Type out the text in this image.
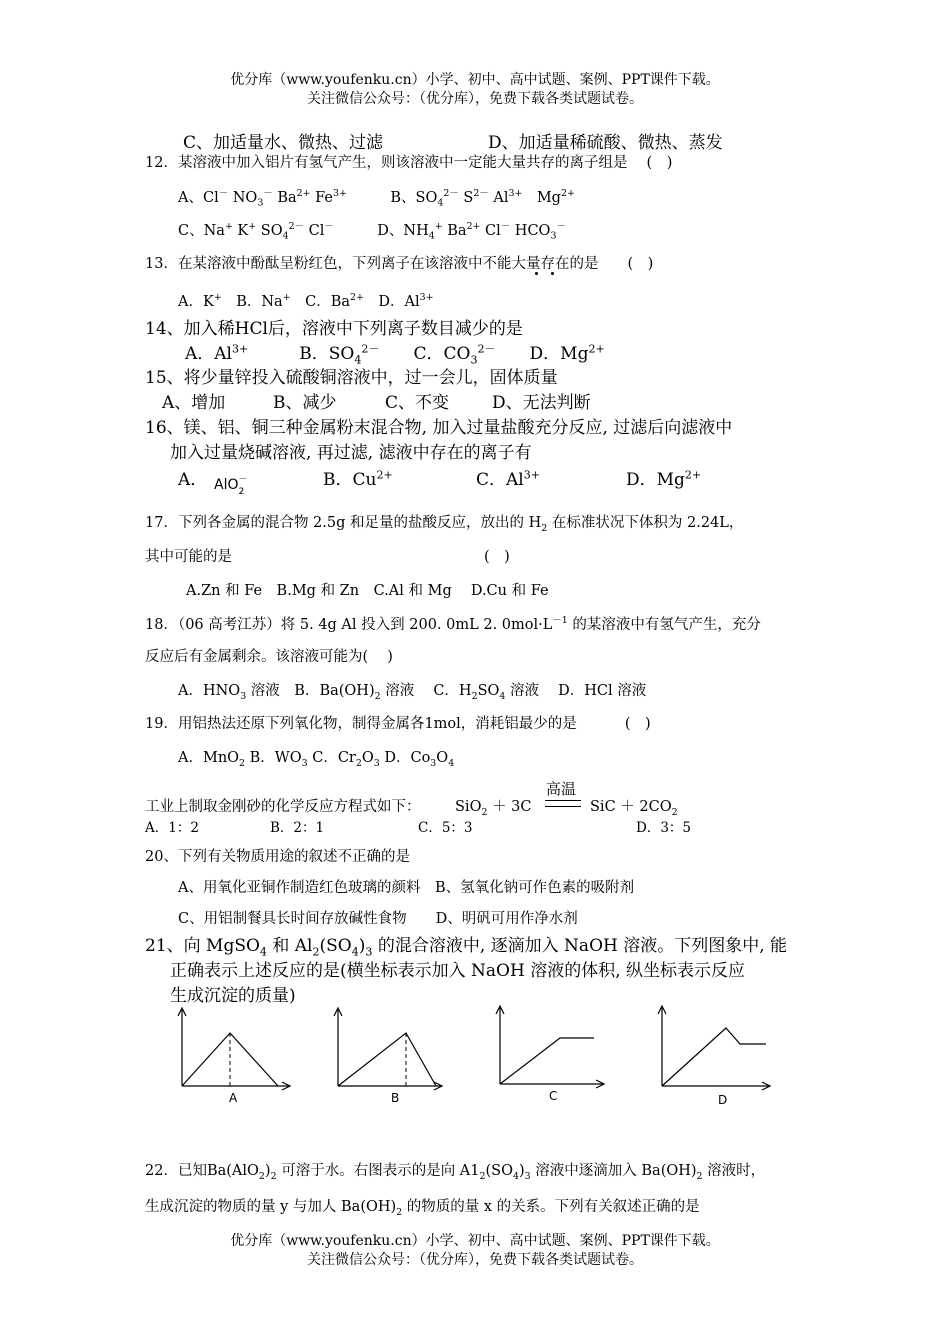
优分库（www.youfenku.cn）小学、初中、高中试题、案例、PPT课件下载。
关注微信公众号：（优分库），免费下载各类试题试卷。
C、加适量水、微热、过滤	D、加适量稀硫酸、微热、蒸发
12．某溶液中加入铝片有氢气产生，则该溶液中一定能大量共存的离子组是　 (　)
A、Cl－ $NO_3^-$ $Ba^{2+}$ $Fe^{3+}$　　　B、$SO_4^{2-}$ $S^{2-}$ $Al^{3+}$　$Mg^{2+}$
C、Na+ K+ $SO_4^{2-}$ Cl－　　　D、$NH_4^+$ $Ba^{2+}$ Cl－ $HCO_3^-$
13．在某溶液中酚酞呈粉红色，下列离子在该溶液中不能大量存在的是　　(　)
A．K+　B．Na+　C．$Ba^{2+}$　D．$Al^{3+}$
14、加入稀HCl后，溶液中下列离子数目减少的是
A．$Al^{3+}$　　　B．$SO_4^{2-}$　　C．$CO_3^{2-}$　　D．$Mg^{2+}$
15、将少量锌投入硫酸铜溶液中，过一会儿，固体质量
A、增加	B、减少	C、不变	D、无法判断
16、镁、铝、铜三种金属粉末混合物, 加入过量盐酸充分反应, 过滤后向滤液中
加入过量烧碱溶液, 再过滤, 滤液中存在的离子有
A． AlO－$_2$
B．$Cu^{2+}$	C．$Al^{3+}$	D．$Mg^{2+}$
17．下列各金属的混合物 2.5g 和足量的盐酸反应，放出的 $H_2$ 在标准状况下体积为 2.24L，
其中可能的是	(　)
A.Zn 和 Fe　B.Mg 和 Zn　C.Al 和 Mg　 D.Cu 和 Fe
18．（06 高考江苏）将 5. 4g Al 投入到 200. 0mL 2. $0mol\cdot L^{-1}$ 的某溶液中有氢气产生，充分
反应后有金属剩余。该溶液可能为(　 )
A．$HNO_3$ 溶液　B．$Ba(OH)_2$ 溶液　 C．$H_2SO_4$ 溶液　 D．HCl 溶液
19．用铝热法还原下列氧化物，制得金属各1mol，消耗铝最少的是　　　 (　)
A．MnO$_2$ B．$WO_3$ C．$Cr_2O_3$ D．$Co_3O_4$
工业上制取金刚砂的化学反应方程式如下： SiO$_2$ ＋ 3C
高温
SiC ＋ $2CO_2$
A．1：2	B．2：1	C．5：3	D．3：5
20、下列有关物质用途的叙述不正确的是
A、用氧化亚铜作制造红色玻璃的颜料　B、氢氧化钠可作色素的吸附剂
C、用铝制餐具长时间存放碱性食物　　D、明矾可用作净水剂
21、向 MgSO$_4$ 和 $Al_2(SO_4)_3$ 的混合溶液中, 逐滴加入 NaOH 溶液。下列图象中, 能
正确表示上述反应的是(横坐标表示加入 NaOH 溶液的体积, 纵坐标表示反应
生成沉淀的质量)
A	B	C	D
22．已知$Ba(AlO_2)_2$ 可溶于水。右图表示的是向 $A1_2(SO_4)_3$ 溶液中逐滴加入 $Ba(OH)_2$ 溶液时，
生成沉淀的物质的量 y 与加人 $Ba(OH)_2$ 的物质的量 x 的关系。下列有关叙述正确的是
优分库（www.youfenku.cn）小学、初中、高中试题、案例、PPT课件下载。
关注微信公众号：（优分库），免费下载各类试题试卷。
